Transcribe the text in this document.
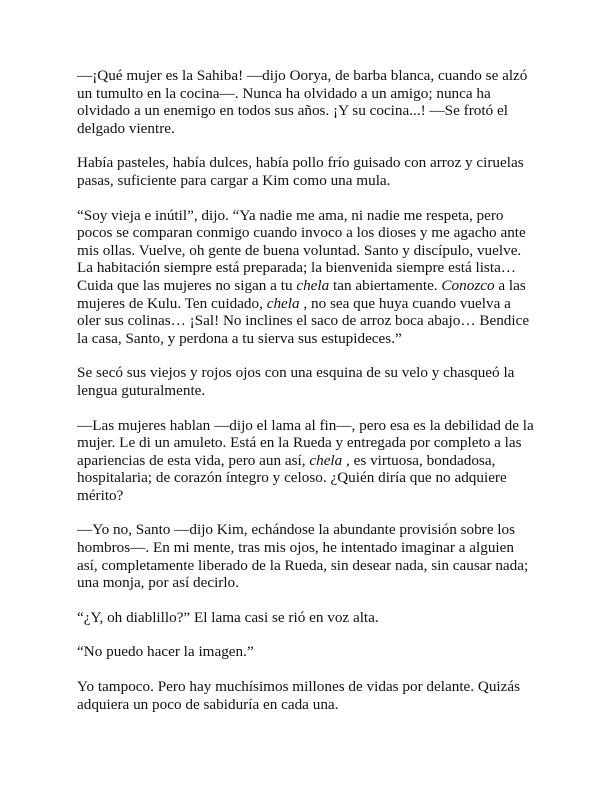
—¡Qué mujer es la Sahiba! —dijo Oorya, de barba blanca, cuando se alzó un tumulto en la cocina—. Nunca ha olvidado a un amigo; nunca ha olvidado a un enemigo en todos sus años. ¡Y su cocina...! —Se frotó el delgado vientre.

Había pasteles, había dulces, había pollo frío guisado con arroz y ciruelas pasas, suficiente para cargar a Kim como una mula.

“Soy vieja e inútil”, dijo. “Ya nadie me ama, ni nadie me respeta, pero pocos se comparan conmigo cuando invoco a los dioses y me agacho ante mis ollas. Vuelve, oh gente de buena voluntad. Santo y discípulo, vuelve. La habitación siempre está preparada; la bienvenida siempre está lista… Cuida que las mujeres no sigan a tu chela tan abiertamente. Conozco a las mujeres de Kulu. Ten cuidado, chela , no sea que huya cuando vuelva a oler sus colinas… ¡Sal! No inclines el saco de arroz boca abajo… Bendice la casa, Santo, y perdona a tu sierva sus estupideces.”

Se secó sus viejos y rojos ojos con una esquina de su velo y chasqueó la lengua guturalmente.

—Las mujeres hablan —dijo el lama al fin—, pero esa es la debilidad de la mujer. Le di un amuleto. Está en la Rueda y entregada por completo a las apariencias de esta vida, pero aun así, chela , es virtuosa, bondadosa, hospitalaria; de corazón íntegro y celoso. ¿Quién diría que no adquiere mérito?

—Yo no, Santo —dijo Kim, echándose la abundante provisión sobre los hombros—. En mi mente, tras mis ojos, he intentado imaginar a alguien así, completamente liberado de la Rueda, sin desear nada, sin causar nada; una monja, por así decirlo.

“¿Y, oh diablillo?” El lama casi se rió en voz alta.

“No puedo hacer la imagen.”

Yo tampoco. Pero hay muchísimos millones de vidas por delante. Quizás adquiera un poco de sabiduría en cada una.
